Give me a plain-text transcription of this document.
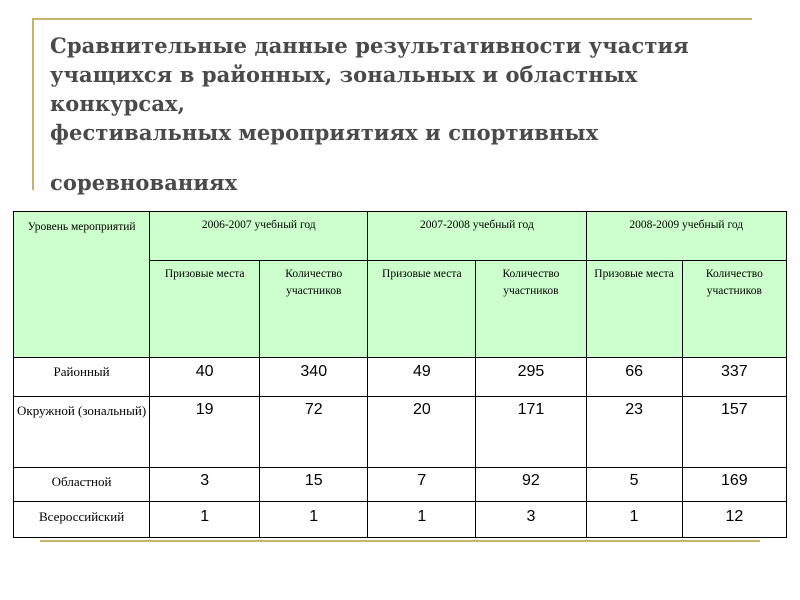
Сравнительные данные результативности участия
учащихся в районных, зональных и областных конкурсах,
фестивальных мероприятиях и спортивных
соревнованиях
Уровень мероприятий	2006-2007 учебный год		2007-2008 учебный год		2008-2009 учебный год	

	Призовые места	Количество участников	Призовые места	Количество участников	Призовые места	Количество участников

Районный	40	340	49	295	66	337
Окружной (зональный)	19	72	20	171	23	157
Областной	3	15	7	92	5	169
Всероссийский	1	1	1	3	1	12
